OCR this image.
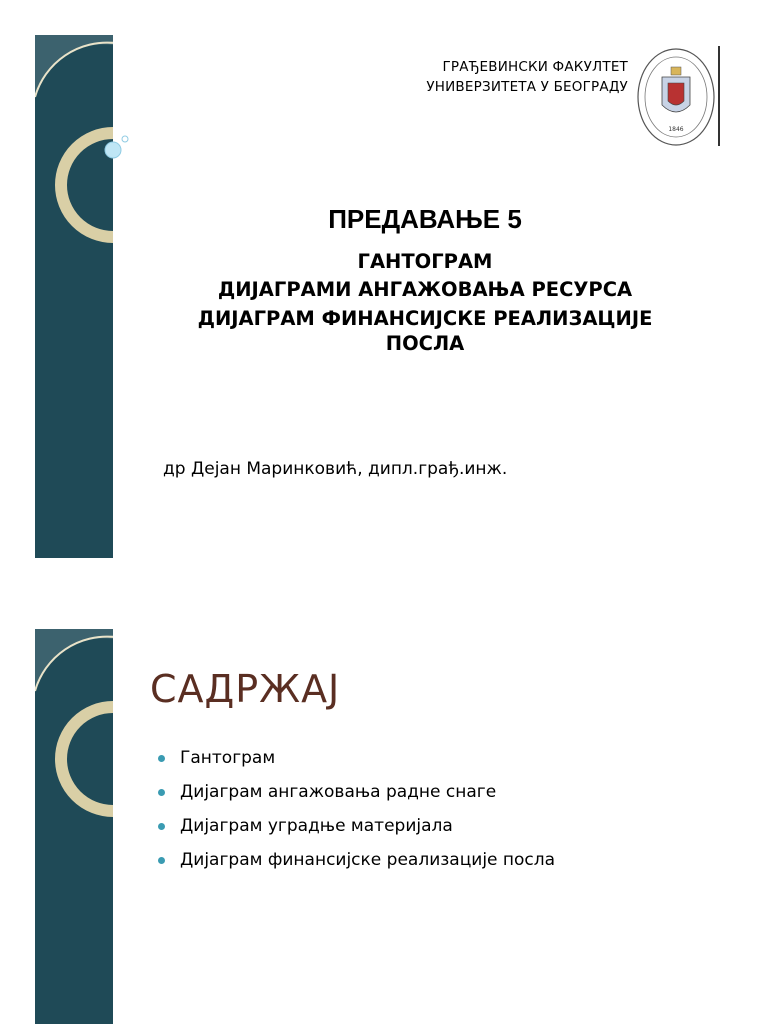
ГРАЂЕВИНСКИ ФАКУЛТЕТ
УНИВЕРЗИТЕТА У БЕОГРАДУ
1846
ПРЕДАВАЊЕ 5
ГАНТОГРАМ
ДИЈАГРАМИ АНГАЖОВАЊА РЕСУРСА
ДИЈАГРАМ ФИНАНСИЈСКЕ РЕАЛИЗАЦИЈЕ
ПОСЛА
др Дејан Маринковић, дипл.грађ.инж.
САДРЖАЈ
Гантограм
Дијаграм ангажовања радне снаге
Дијаграм уградње материјала
Дијаграм финансијске реализације посла
